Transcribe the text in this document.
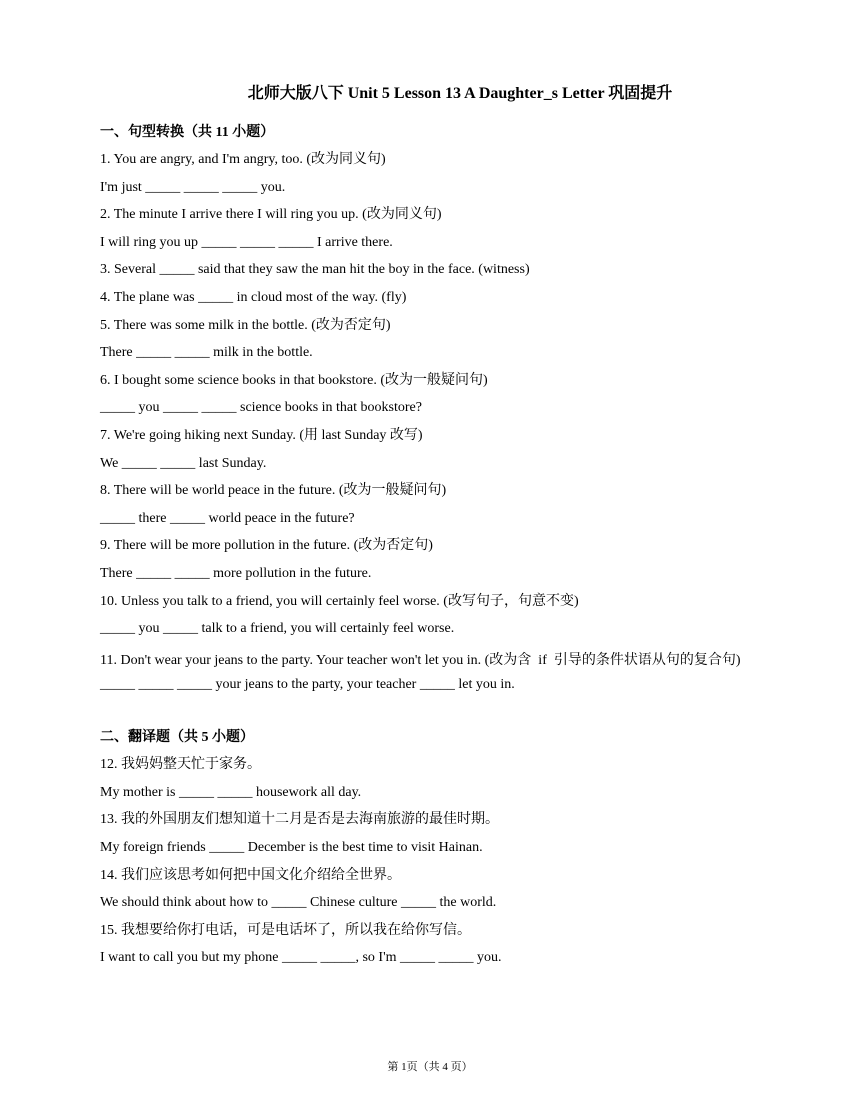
北师大版八下 Unit 5 Lesson 13 A Daughter_s Letter 巩固提升
一、句型转换（共 11 小题）
1. You are angry, and I'm angry, too. (改为同义句)
I'm just _____ _____ _____ you.
2. The minute I arrive there I will ring you up. (改为同义句)
I will ring you up _____ _____ _____ I arrive there.
3. Several _____ said that they saw the man hit the boy in the face. (witness)
4. The plane was _____ in cloud most of the way. (fly)
5. There was some milk in the bottle. (改为否定句)
There _____ _____ milk in the bottle.
6. I bought some science books in that bookstore. (改为一般疑问句)
_____ you _____ _____ science books in that bookstore?
7. We're going hiking next Sunday. (用 last Sunday 改写)
We _____ _____ last Sunday.
8. There will be world peace in the future. (改为一般疑问句)
_____ there _____ world peace in the future?
9. There will be more pollution in the future. (改为否定句)
There _____ _____ more pollution in the future.
10. Unless you talk to a friend, you will certainly feel worse. (改写句子，句意不变)
_____ you _____ talk to a friend, you will certainly feel worse.
11. Don't wear your jeans to the party. Your teacher won't let you in. (改为含  if  引导的条件状语从句的复合句)
_____ _____ _____ your jeans to the party, your teacher _____ let you in.
二、翻译题（共 5 小题）
12. 我妈妈整天忙于家务。
My mother is _____ _____ housework all day.
13. 我的外国朋友们想知道十二月是否是去海南旅游的最佳时期。
My foreign friends _____ December is the best time to visit Hainan.
14. 我们应该思考如何把中国文化介绍给全世界。
We should think about how to _____ Chinese culture _____ the world.
15. 我想要给你打电话，可是电话坏了，所以我在给你写信。
I want to call you but my phone _____ _____, so I'm _____ _____ you.
第 1页（共 4 页）
